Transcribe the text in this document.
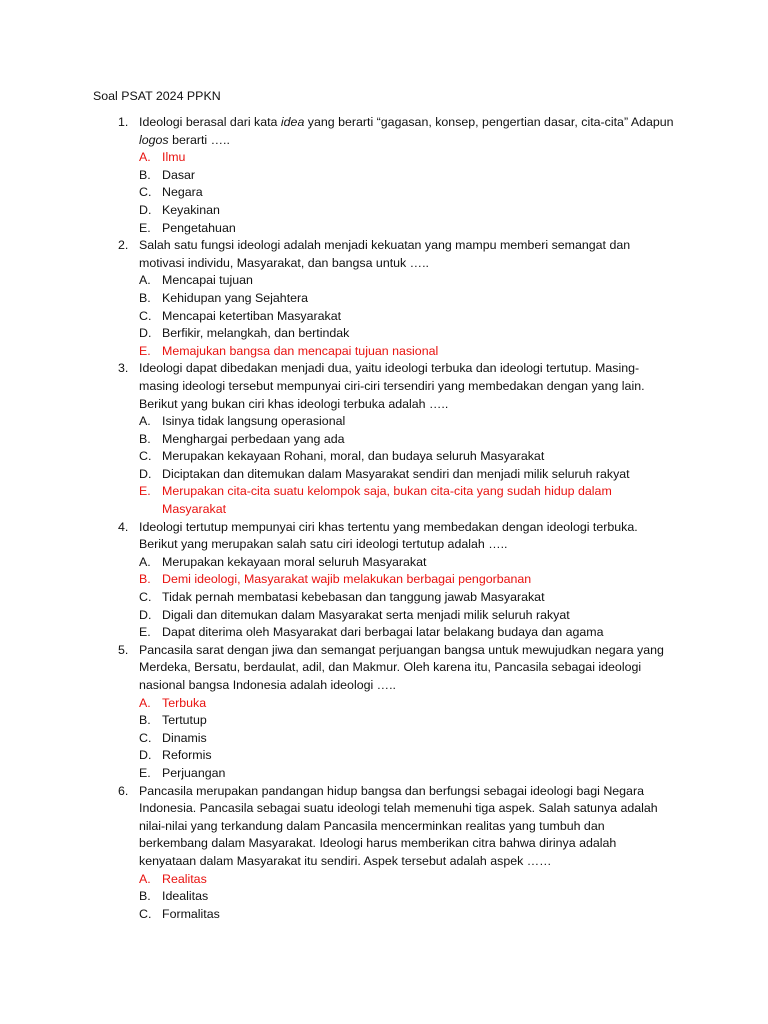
Soal PSAT 2024 PPKN
1. Ideologi berasal dari kata idea yang berarti “gagasan, konsep, pengertian dasar, cita-cita” Adapun logos berarti …..
A. Ilmu
B. Dasar
C. Negara
D. Keyakinan
E. Pengetahuan
2. Salah satu fungsi ideologi adalah menjadi kekuatan yang mampu memberi semangat dan motivasi individu, Masyarakat, dan bangsa untuk …..
A. Mencapai tujuan
B. Kehidupan yang Sejahtera
C. Mencapai ketertiban Masyarakat
D. Berfikir, melangkah, dan bertindak
E. Memajukan bangsa dan mencapai tujuan nasional
3. Ideologi dapat dibedakan menjadi dua, yaitu ideologi terbuka dan ideologi tertutup. Masing-masing ideologi tersebut mempunyai ciri-ciri tersendiri yang membedakan dengan yang lain. Berikut yang bukan ciri khas ideologi terbuka adalah …..
A. Isinya tidak langsung operasional
B. Menghargai perbedaan yang ada
C. Merupakan kekayaan Rohani, moral, dan budaya seluruh Masyarakat
D. Diciptakan dan ditemukan dalam Masyarakat sendiri dan menjadi milik seluruh rakyat
E. Merupakan cita-cita suatu kelompok saja, bukan cita-cita yang sudah hidup dalam Masyarakat
4. Ideologi tertutup mempunyai ciri khas tertentu yang membedakan dengan ideologi terbuka. Berikut yang merupakan salah satu ciri ideologi tertutup adalah …..
A. Merupakan kekayaan moral seluruh Masyarakat
B. Demi ideologi, Masyarakat wajib melakukan berbagai pengorbanan
C. Tidak pernah membatasi kebebasan dan tanggung jawab Masyarakat
D. Digali dan ditemukan dalam Masyarakat serta menjadi milik seluruh rakyat
E. Dapat diterima oleh Masyarakat dari berbagai latar belakang budaya dan agama
5. Pancasila sarat dengan jiwa dan semangat perjuangan bangsa untuk mewujudkan negara yang Merdeka, Bersatu, berdaulat, adil, dan Makmur. Oleh karena itu, Pancasila sebagai ideologi nasional bangsa Indonesia adalah ideologi …..
A. Terbuka
B. Tertutup
C. Dinamis
D. Reformis
E. Perjuangan
6. Pancasila merupakan pandangan hidup bangsa dan berfungsi sebagai ideologi bagi Negara Indonesia. Pancasila sebagai suatu ideologi telah memenuhi tiga aspek. Salah satunya adalah nilai-nilai yang terkandung dalam Pancasila mencerminkan realitas yang tumbuh dan berkembang dalam Masyarakat. Ideologi harus memberikan citra bahwa dirinya adalah kenyataan dalam Masyarakat itu sendiri. Aspek tersebut adalah aspek ……
A. Realitas
B. Idealitas
C. Formalitas
